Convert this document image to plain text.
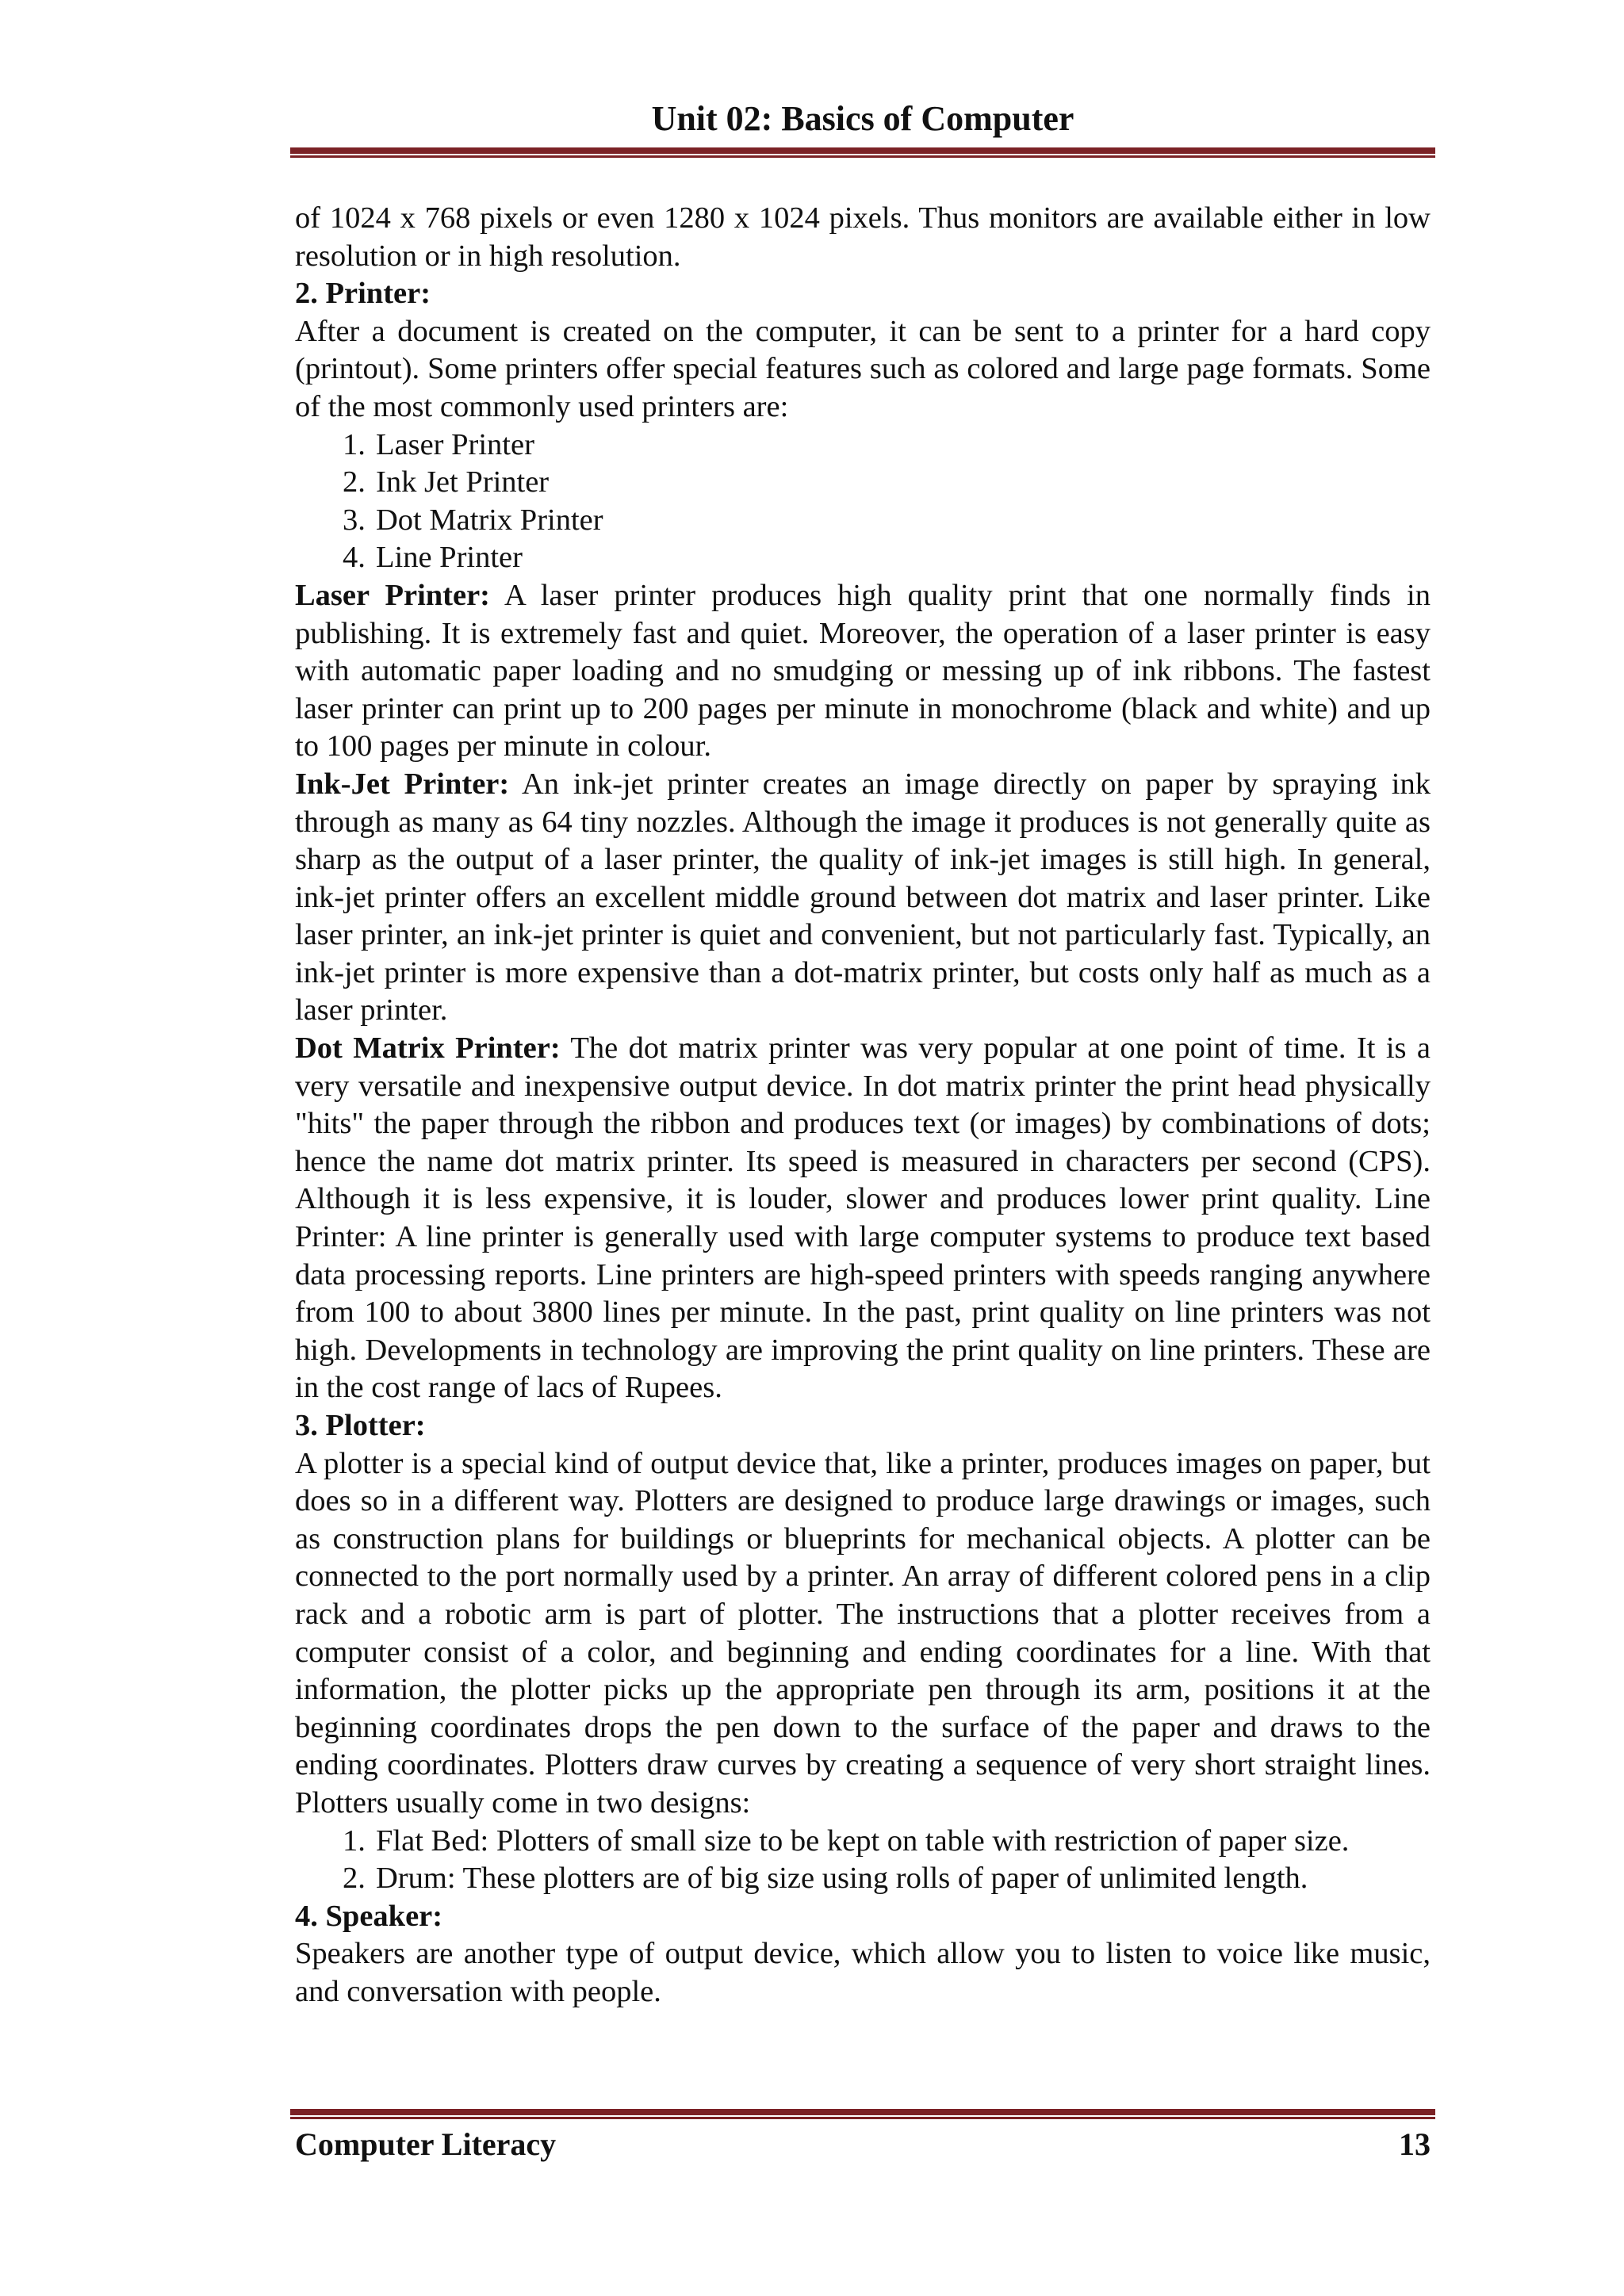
Unit 02: Basics of Computer

of 1024 x 768 pixels or even 1280 x 1024 pixels. Thus monitors are available either in low resolution or in high resolution.

2. Printer:

After a document is created on the computer, it can be sent to a printer for a hard copy (printout). Some printers offer special features such as colored and large page formats. Some of the most commonly used printers are:

1. Laser Printer
2. Ink Jet Printer
3. Dot Matrix Printer
4. Line Printer

Laser Printer: A laser printer produces high quality print that one normally finds in publishing. It is extremely fast and quiet. Moreover, the operation of a laser printer is easy with automatic paper loading and no smudging or messing up of ink ribbons. The fastest laser printer can print up to 200 pages per minute in monochrome (black and white) and up to 100 pages per minute in colour.

Ink-Jet Printer: An ink-jet printer creates an image directly on paper by spraying ink through as many as 64 tiny nozzles. Although the image it produces is not generally quite as sharp as the output of a laser printer, the quality of ink-jet images is still high. In general, ink-jet printer offers an excellent middle ground between dot matrix and laser printer. Like laser printer, an ink-jet printer is quiet and convenient, but not particularly fast. Typically, an ink-jet printer is more expensive than a dot-matrix printer, but costs only half as much as a laser printer.

Dot Matrix Printer: The dot matrix printer was very popular at one point of time. It is a very versatile and inexpensive output device. In dot matrix printer the print head physically "hits" the paper through the ribbon and produces text (or images) by combinations of dots; hence the name dot matrix printer. Its speed is measured in characters per second (CPS). Although it is less expensive, it is louder, slower and produces lower print quality. Line Printer: A line printer is generally used with large computer systems to produce text based data processing reports. Line printers are high-speed printers with speeds ranging anywhere from 100 to about 3800 lines per minute. In the past, print quality on line printers was not high. Developments in technology are improving the print quality on line printers. These are in the cost range of lacs of Rupees.

3. Plotter:

A plotter is a special kind of output device that, like a printer, produces images on paper, but does so in a different way. Plotters are designed to produce large drawings or images, such as construction plans for buildings or blueprints for mechanical objects. A plotter can be connected to the port normally used by a printer. An array of different colored pens in a clip rack and a robotic arm is part of plotter. The instructions that a plotter receives from a computer consist of a color, and beginning and ending coordinates for a line. With that information, the plotter picks up the appropriate pen through its arm, positions it at the beginning coordinates drops the pen down to the surface of the paper and draws to the ending coordinates. Plotters draw curves by creating a sequence of very short straight lines. Plotters usually come in two designs:

1. Flat Bed: Plotters of small size to be kept on table with restriction of paper size.
2. Drum: These plotters are of big size using rolls of paper of unlimited length.

4. Speaker:

Speakers are another type of output device, which allow you to listen to voice like music, and conversation with people.

Computer Literacy	13
